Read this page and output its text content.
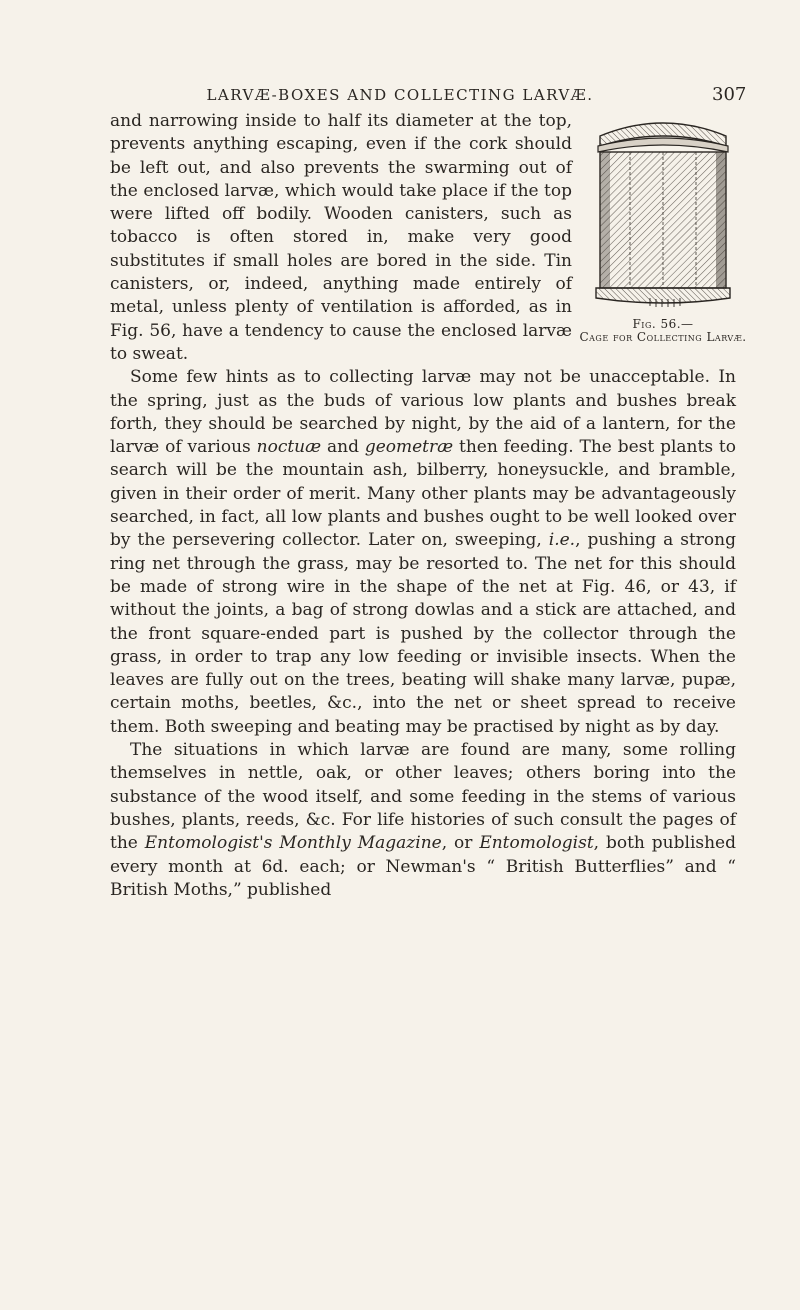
LARVÆ-BOXES AND COLLECTING LARVÆ.	307
Fig. 56.—
Cage for Collecting Larvæ.

and narrowing inside to half its diameter at the top, prevents anything escaping, even if the cork should be left out, and also prevents the swarming out of the enclosed larvæ, which would take place if the top were lifted off bodily. Wooden canisters, such as tobacco is often stored in, make very good substitutes if small holes are bored in the side. Tin canisters, or, indeed, anything made entirely of metal, unless plenty of ventilation is afforded, as in Fig. 56, have a tendency to cause the enclosed larvæ to sweat.

Some few hints as to collecting larvæ may not be unacceptable. In the spring, just as the buds of various low plants and bushes break forth, they should be searched by night, by the aid of a lantern, for the larvæ of various noctuæ and geometræ then feeding. The best plants to search will be the mountain ash, bilberry, honeysuckle, and bramble, given in their order of merit. Many other plants may be advantageously searched, in fact, all low plants and bushes ought to be well looked over by the persevering collector. Later on, sweeping, i.e., pushing a strong ring net through the grass, may be resorted to. The net for this should be made of strong wire in the shape of the net at Fig. 46, or 43, if without the joints, a bag of strong dowlas and a stick are attached, and the front square-ended part is pushed by the collector through the grass, in order to trap any low feeding or invisible insects. When the leaves are fully out on the trees, beating will shake many larvæ, pupæ, certain moths, beetles, &c., into the net or sheet spread to receive them. Both sweeping and beating may be practised by night as by day.

The situations in which larvæ are found are many, some rolling themselves in nettle, oak, or other leaves; others boring into the substance of the wood itself, and some feeding in the stems of various bushes, plants, reeds, &c. For life histories of such consult the pages of the Entomologist's Monthly Magazine, or Entomologist, both published every month at 6d. each; or Newman's “ British Butterflies” and “ British Moths,” published
